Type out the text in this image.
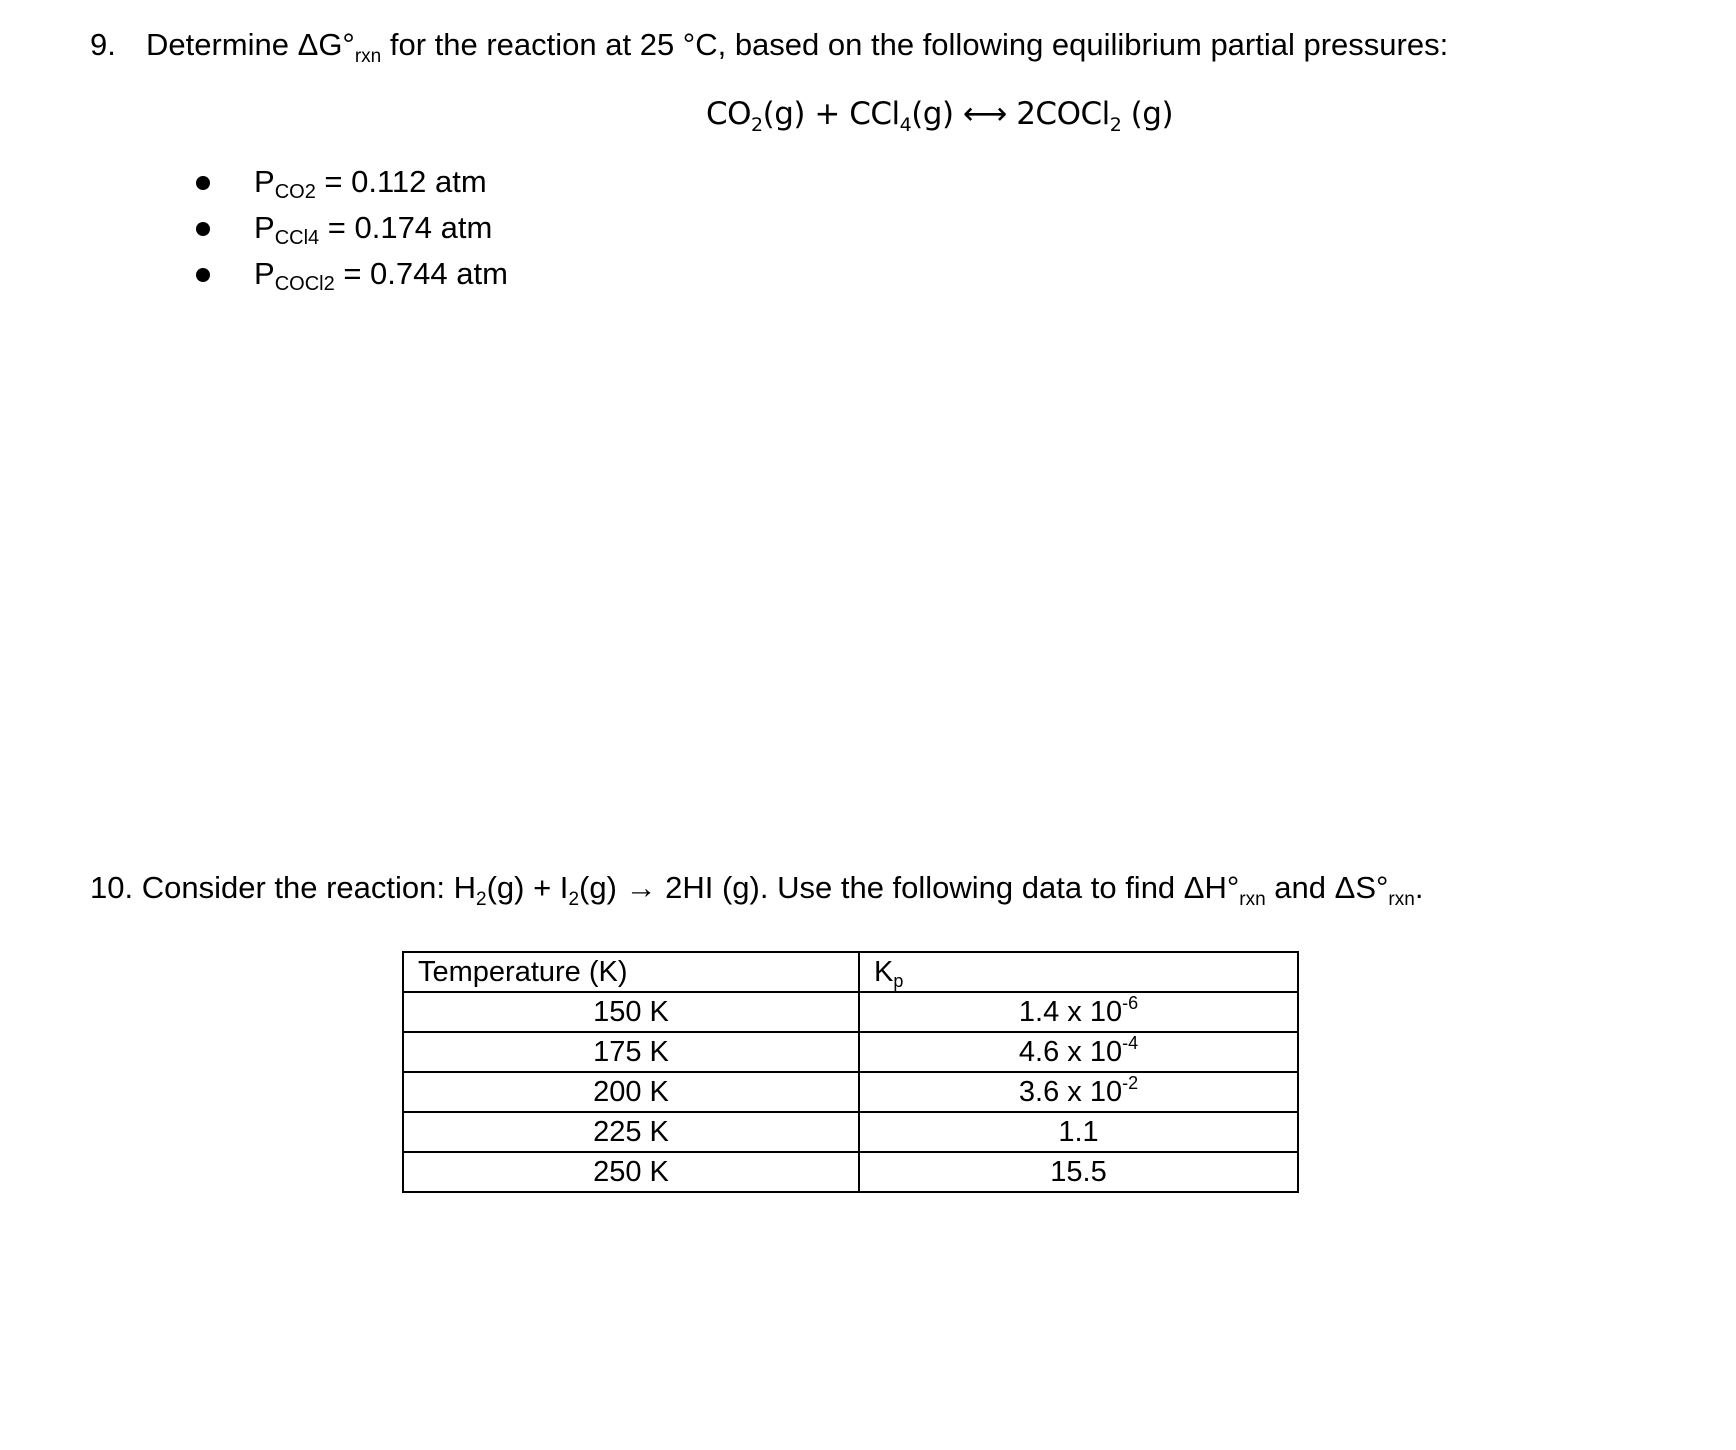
9. Determine $\Delta G^\circ_{rxn}$ for the reaction at 25 °C, based on the following equilibrium partial pressures:
$CO_2(g) + CCl_4(g)$ ⟷ 2COCl$_2$ (g)
$P_{CO2} = 0.112$ atm
$P_{CCl4} = 0.174$ atm
$P_{COCl2} = 0.744$ atm
10. Consider the reaction: $H_2(g) + I_2(g) \to 2HI$ (g). Use the following data to find $\Delta H^\circ_{rxn}$ and $\Delta S^\circ_{rxn}$.
Temperature (K)	$K_p$
150 K	1.4 x $10^{-6}$
175 K	4.6 x $10^{-4}$
200 K	3.6 x $10^{-2}$
225 K	1.1
250 K	15.5
